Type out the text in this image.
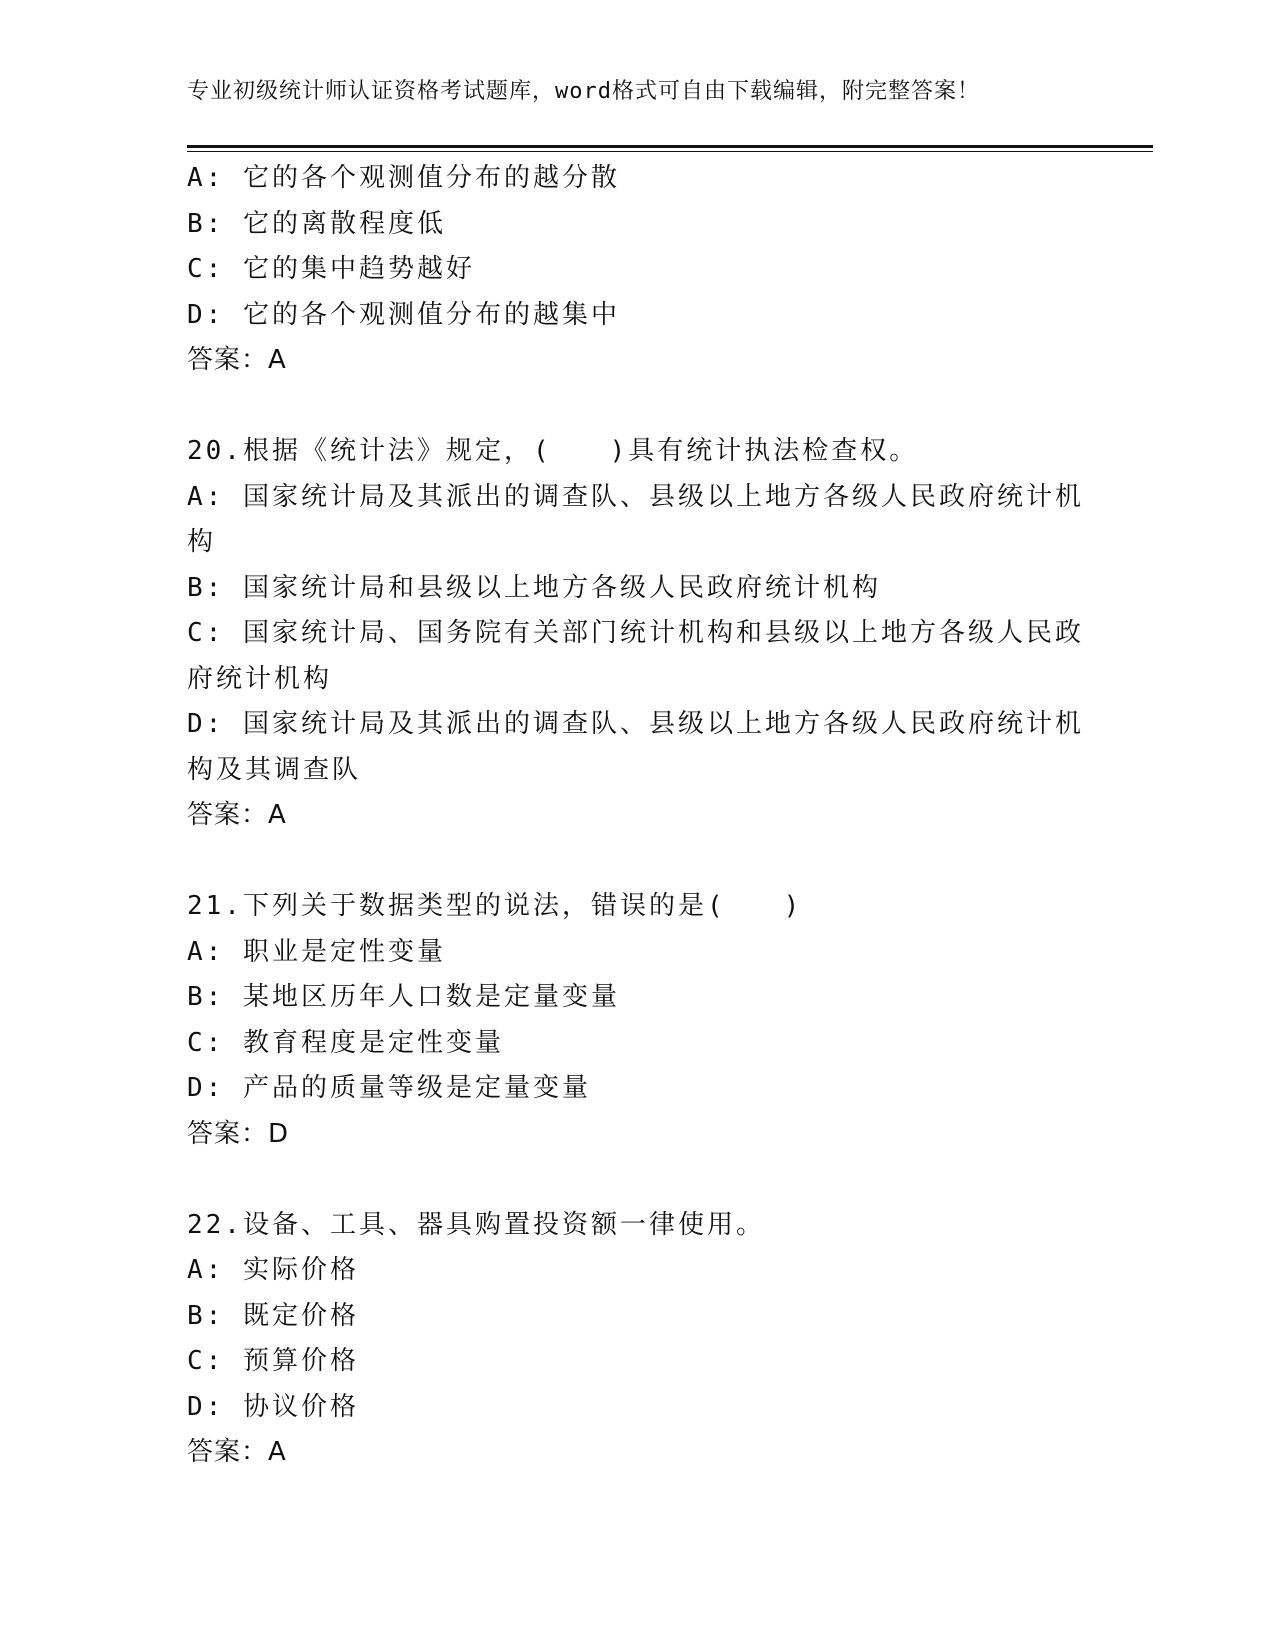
专业初级统计师认证资格考试题库，word格式可自由下载编辑，附完整答案！
A: 它的各个观测值分布的越分散
B: 它的离散程度低
C: 它的集中趋势越好
D: 它的各个观测值分布的越集中
答案：A
20.根据《统计法》规定，(　　)具有统计执法检查权。
A: 国家统计局及其派出的调查队、县级以上地方各级人民政府统计机
构
B: 国家统计局和县级以上地方各级人民政府统计机构
C: 国家统计局、国务院有关部门统计机构和县级以上地方各级人民政
府统计机构
D: 国家统计局及其派出的调查队、县级以上地方各级人民政府统计机
构及其调查队
答案：A
21.下列关于数据类型的说法，错误的是(　　)
A: 职业是定性变量
B: 某地区历年人口数是定量变量
C: 教育程度是定性变量
D: 产品的质量等级是定量变量
答案：D
22.设备、工具、器具购置投资额一律使用。
A: 实际价格
B: 既定价格
C: 预算价格
D: 协议价格
答案：A
